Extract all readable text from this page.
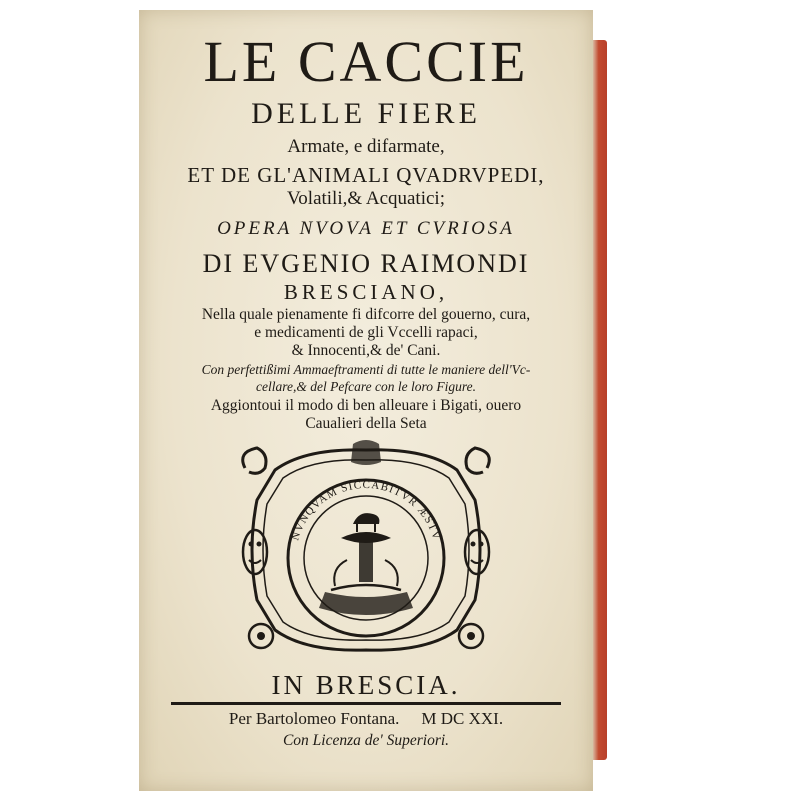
LE CACCIE
DELLE FIERE
Armate, e difarmate,
ET DE GL'ANIMALI QVADRVPEDI,
Volatili,& Acquatici;
OPERA NVOVA ET CVRIOSA
DI EVGENIO RAIMONDI
BRESCIANO,
Nella quale pienamente fi difcorre del gouerno, cura,
e medicamenti de gli Vccelli rapaci,
& Innocenti,& de' Cani.
Con perfettißimi Ammaeftramenti di tutte le maniere dell'Vc-
cellare,& del Pefcare con le loro Figure.
Aggiontoui il modo di ben alleuare i Bigati, ouero
Caualieri della Seta
NVNQVAM SICCABITVR ÆSTV
IN BRESCIA.
Per Bartolomeo Fontana. M DC XXI.
Con Licenza de' Superiori.
